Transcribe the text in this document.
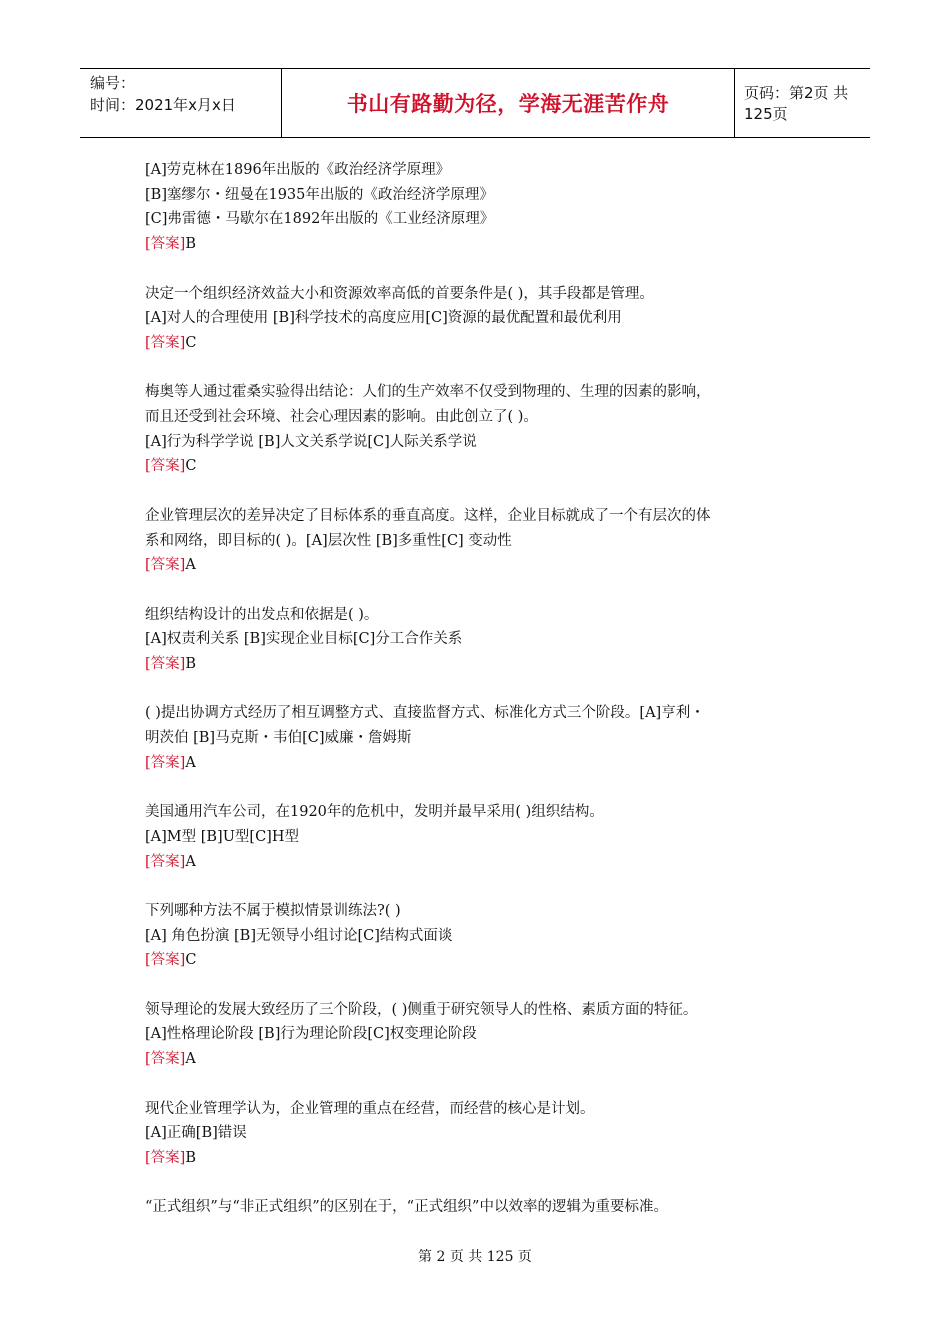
编号：
时间：2021年x月x日	书山有路勤为径，学海无涯苦作舟	页码：第2页 共125页
[A]劳克林在1896年出版的《政治经济学原理》
[B]塞缪尔・纽曼在1935年出版的《政治经济学原理》
[C]弗雷德・马歇尔在1892年出版的《工业经济原理》
[答案]B
决定一个组织经济效益大小和资源效率高低的首要条件是( )，其手段都是管理。
[A]对人的合理使用 [B]科学技术的高度应用[C]资源的最优配置和最优利用
[答案]C
梅奥等人通过霍桑实验得出结论：人们的生产效率不仅受到物理的、生理的因素的影响，
而且还受到社会环境、社会心理因素的影响。由此创立了( )。
[A]行为科学学说 [B]人文关系学说[C]人际关系学说
[答案]C
企业管理层次的差异决定了目标体系的垂直高度。这样，企业目标就成了一个有层次的体
系和网络，即目标的( )。[A]层次性 [B]多重性[C] 变动性
[答案]A
组织结构设计的出发点和依据是( )。
[A]权责利关系 [B]实现企业目标[C]分工合作关系
[答案]B
( )提出协调方式经历了相互调整方式、直接监督方式、标准化方式三个阶段。[A]亨利・
明茨伯 [B]马克斯・韦伯[C]威廉・詹姆斯
[答案]A
美国通用汽车公司，在1920年的危机中，发明并最早采用( )组织结构。
[A]M型 [B]U型[C]H型
[答案]A
下列哪种方法不属于模拟情景训练法?( )
[A] 角色扮演 [B]无领导小组讨论[C]结构式面谈
[答案]C
领导理论的发展大致经历了三个阶段，( )侧重于研究领导人的性格、素质方面的特征。
[A]性格理论阶段 [B]行为理论阶段[C]权变理论阶段
[答案]A
现代企业管理学认为，企业管理的重点在经营，而经营的核心是计划。
[A]正确[B]错误
[答案]B
“正式组织”与“非正式组织”的区别在于，“正式组织”中以效率的逻辑为重要标准。
第 2 页 共 125 页
